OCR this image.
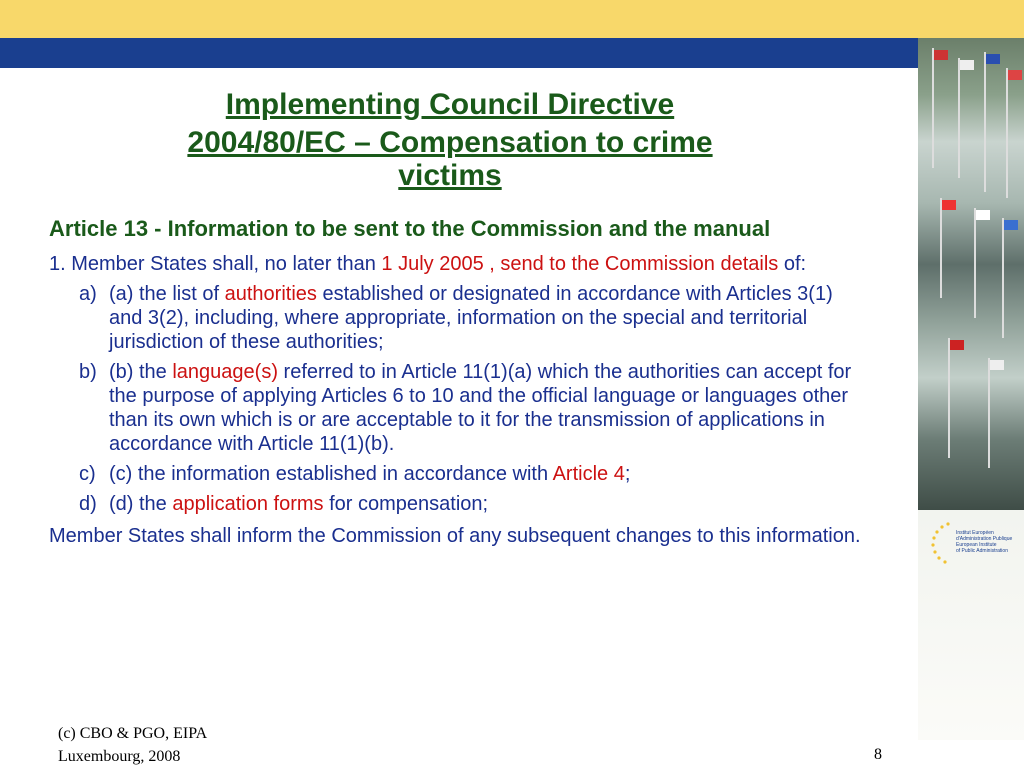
Institut Européen
d'Administration Publique
European Institute
of Public Administration
Implementing Council Directive
2004/80/EC – Compensation to crime
victims
Article 13 - Information to be sent to the Commission and the manual
1. Member States shall, no later than 1 July 2005 , send to the Commission details of:
a) (a) the list of authorities established or designated in accordance with Articles 3(1) and 3(2), including, where appropriate, information on the special and territorial jurisdiction of these authorities;
b) (b) the language(s) referred to in Article 11(1)(a) which the authorities can accept for the purpose of applying Articles 6 to 10 and the official language or languages other than its own which is or are acceptable to it for the transmission of applications in accordance with Article 11(1)(b).
c) (c) the information established in accordance with Article 4;
d) (d) the application forms for compensation;
Member States shall inform the Commission of any subsequent changes to this information.
(c) CBO & PGO, EIPA
Luxembourg, 2008	8
